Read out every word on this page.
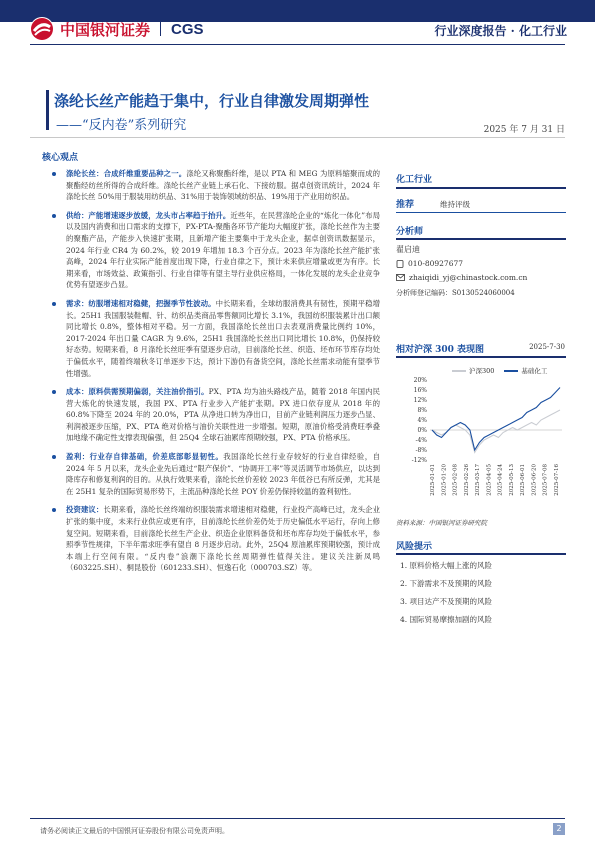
中国银河证券 CGS	行业深度报告 · 化工行业
涤纶长丝产能趋于集中，行业自律激发周期弹性
——“反内卷”系列研究	2025 年 7 月 31 日
核心观点
涤纶长丝：合成纤维重要品种之一。涤纶又称聚酯纤维，是以 PTA 和 MEG 为原料缩聚而成的聚酯经纺丝所得的合成纤维。涤纶长丝产业链上承石化、下接纺服。据卓创资讯统计，2024 年涤纶长丝 50%用于服装用纺织品、31%用于装饰领域纺织品、19%用于产业用纺织品。
供给：产能增速逐步放缓，龙头市占率趋于抬升。近些年，在民营涤纶企业的“炼化一体化”布局以及国内消费和出口需求的支撑下，PX-PTA-聚酯各环节产能均大幅度扩张，涤纶长丝作为主要的聚酯产品，产能步入快速扩张期，且新增产能主要集中于龙头企业，据卓创资讯数据显示，2024 年行业 CR4 为 60.2%，较 2019 年增加 18.3 个百分点。2023 年为涤纶长丝产能扩张高峰，2024 年行业实际产能首度出现下降，行业自律之下，预计未来供应增量或更为有序。长期来看，市场效益、政策指引、行业自律等有望主导行业供应格局，一体化发展的龙头企业竞争优势有望逐步凸显。
需求：纺服增速相对稳健，把握季节性波动。中长期来看，全球纺服消费具有韧性，预期平稳增长。25H1 我国服装鞋帽、针、纺织品类商品零售额同比增长 3.1%，我国纺织服装累计出口额同比增长 0.8%，整体相对平稳。另一方面，我国涤纶长丝出口去表观消费量比例约 10%，2017-2024 年出口量 CAGR 为 9.6%，25H1 我国涤纶长丝出口同比增长 10.8%，仍保持较好态势。短期来看，8 月涤纶长丝旺季有望逐步启动，目前涤纶长丝、织造、坯布环节库存均处于偏低水平，随着终端秋冬订单逐步下达，预计下游仍有备货空间，涤纶长丝需求动能有望季节性增强。
成本：原料供需预期偏弱，关注油价指引。PX、PTA 均为油头路线产品，随着 2018 年国内民营大炼化的快速发展，我国 PX、PTA 行业步入产能扩张期。PX 进口依存度从 2018 年的 60.8%下降至 2024 年的 20.0%，PTA 从净进口转为净出口，目前产业链利润压力逐步凸显、利润被逐步压缩，PX、PTA 绝对价格与油价关联性进一步增强。短期，原油价格受消费旺季叠加地缘不确定性支撑表现偏强，但 25Q4 全球石油累库预期较强，PX、PTA 价格承压。
盈利：行业存自律基础，价差底部彰显韧性。我国涤纶长丝行业存较好的行业自律经验，自 2024 年 5 月以来，龙头企业先后通过“限产保价”、“协调开工率”等灵活调节市场供应，以达到降库存和修复利润的目的。从执行效果来看，涤纶长丝价差较 2023 年低谷已有所反弹，尤其是在 25H1 复杂的国际贸易形势下，主流品种涤纶长丝 POY 价差仍保持较温的盈利韧性。
投资建议：长期来看，涤纶长丝终端纺织服装需求增速相对稳健，行业投产高峰已过，龙头企业扩张的集中度，未来行业供应或更有序，目前涤纶长丝价差仍处于历史偏低水平运行，存向上修复空间。短期来看，目前涤纶长丝生产企业、织造企业原料备货和坯布库存均处于偏低水平，参照季节性规律，下半年需求旺季有望自 8 月逐步启动。此外，25Q4 原油累库预期较强，预计成本端上行空间有限。“反内卷”浪潮下涤纶长丝周期弹性值得关注。建议关注新凤鸣（603225.SH）、桐昆股份（601233.SH）、恒逸石化（000703.SZ）等。
化工行业
推荐	维持评级
分析师
翟启迪
010-80927677
zhaiqidi_yj@chinastock.com.cn
分析师登记编码：S0130524060004
相对沪深 300 表现图	2025-7-30
沪深300	基础化工
20%
16%
12%
8%
4%
0%
-4%
-8%
-12%
2025-01-01 2025-01-20 2025-02-08 2025-02-26 2025-03-17 2025-04-05 2025-04-24 2025-05-13 2025-06-01 2025-06-20 2025-07-08 2025-07-16
资料来源：中国银河证券研究院
风险提示
1. 原料价格大幅上涨的风险
2. 下游需求不及预期的风险
3. 项目达产不及预期的风险
4. 国际贸易摩擦加剧的风险
请务必阅读正文最后的中国银河证券股份有限公司免责声明。	2
